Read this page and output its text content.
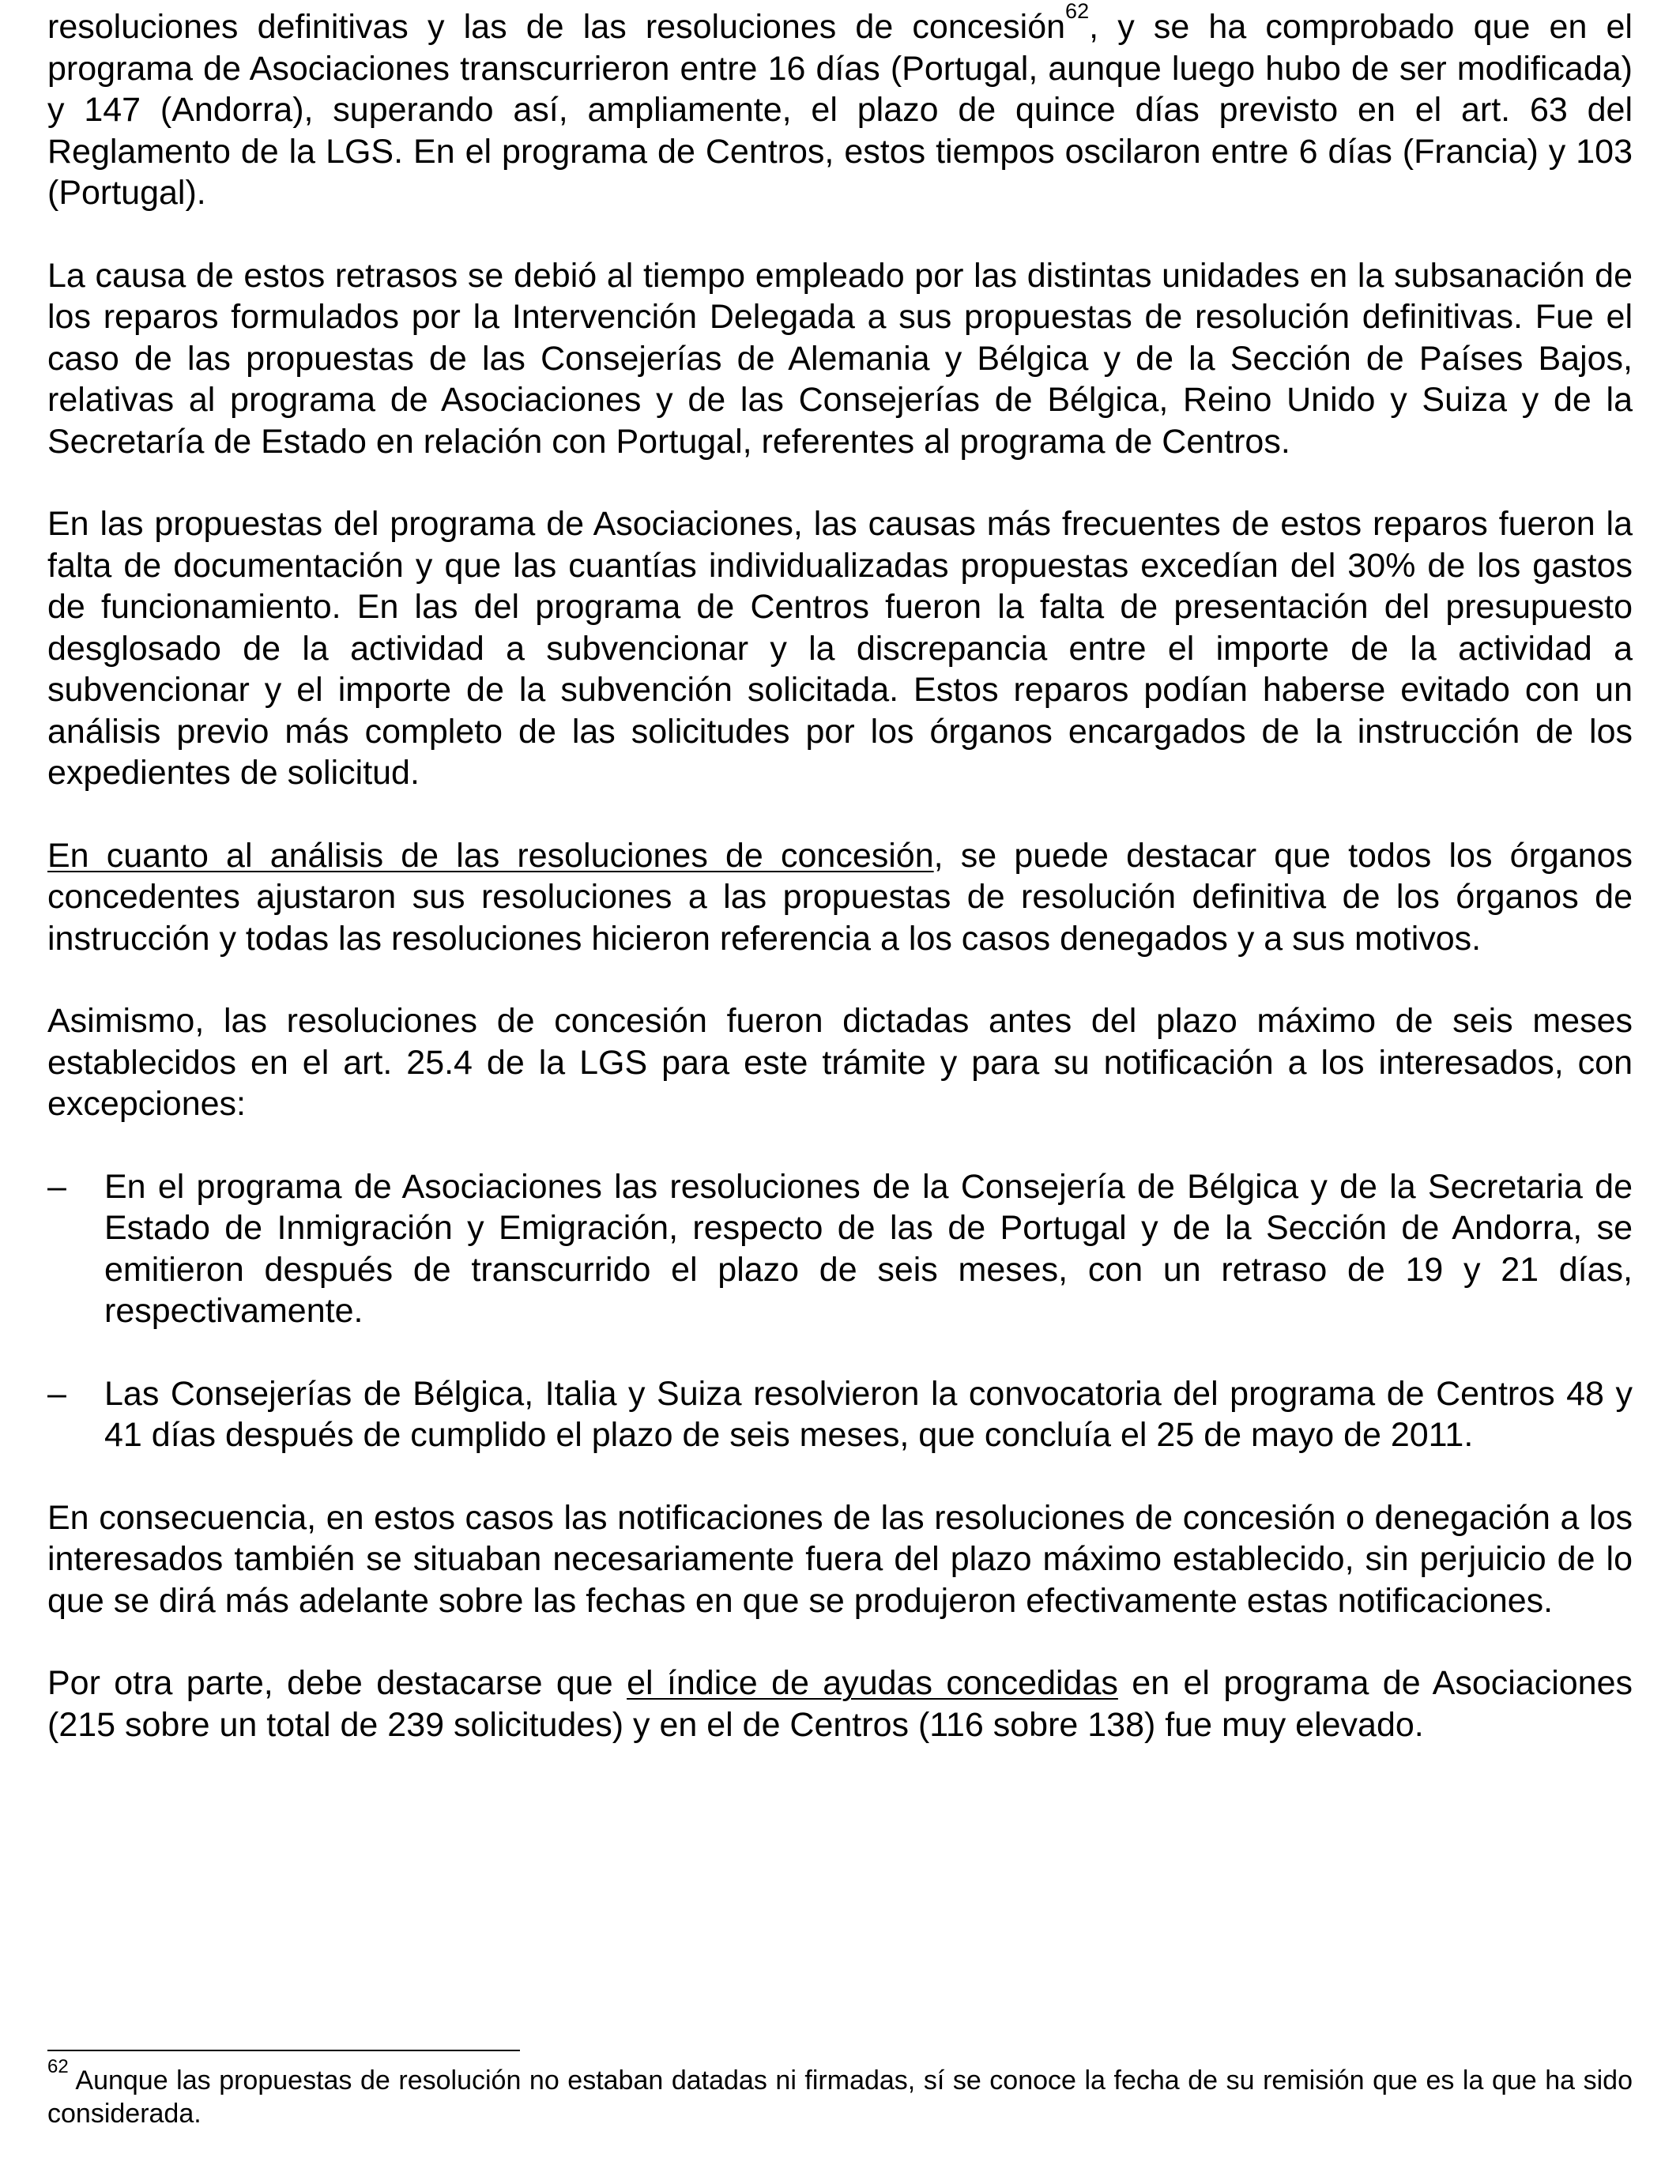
resoluciones definitivas y las de las resoluciones de concesión$^{62}$, y se ha comprobado que en el programa de Asociaciones transcurrieron entre 16 días (Portugal, aunque luego hubo de ser modificada) y 147 (Andorra), superando así, ampliamente, el plazo de quince días previsto en el art. 63 del Reglamento de la LGS. En el programa de Centros, estos tiempos oscilaron entre 6 días (Francia) y 103 (Portugal).

La causa de estos retrasos se debió al tiempo empleado por las distintas unidades en la subsanación de los reparos formulados por la Intervención Delegada a sus propuestas de resolución definitivas. Fue el caso de las propuestas de las Consejerías de Alemania y Bélgica y de la Sección de Países Bajos, relativas al programa de Asociaciones y de las Consejerías de Bélgica, Reino Unido y Suiza y de la Secretaría de Estado en relación con Portugal, referentes al programa de Centros.

En las propuestas del programa de Asociaciones, las causas más frecuentes de estos reparos fueron la falta de documentación y que las cuantías individualizadas propuestas excedían del 30% de los gastos de funcionamiento. En las del programa de Centros fueron la falta de presentación del presupuesto desglosado de la actividad a subvencionar y la discrepancia entre el importe de la actividad a subvencionar y el importe de la subvención solicitada. Estos reparos podían haberse evitado con un análisis previo más completo de las solicitudes por los órganos encargados de la instrucción de los expedientes de solicitud.

En cuanto al análisis de las resoluciones de concesión, se puede destacar que todos los órganos concedentes ajustaron sus resoluciones a las propuestas de resolución definitiva de los órganos de instrucción y todas las resoluciones hicieron referencia a los casos denegados y a sus motivos.

Asimismo, las resoluciones de concesión fueron dictadas antes del plazo máximo de seis meses establecidos en el art. 25.4 de la LGS para este trámite y para su notificación a los interesados, con excepciones:

–	En el programa de Asociaciones las resoluciones de la Consejería de Bélgica y de la Secretaria de Estado de Inmigración y Emigración, respecto de las de Portugal y de la Sección de Andorra, se emitieron después de transcurrido el plazo de seis meses, con un retraso de 19 y 21 días, respectivamente.
–	Las Consejerías de Bélgica, Italia y Suiza resolvieron la convocatoria del programa de Centros 48 y 41 días después de cumplido el plazo de seis meses, que concluía el 25 de mayo de 2011.

En consecuencia, en estos casos las notificaciones de las resoluciones de concesión o denegación a los interesados también se situaban necesariamente fuera del plazo máximo establecido, sin perjuicio de lo que se dirá más adelante sobre las fechas en que se produjeron efectivamente estas notificaciones.

Por otra parte, debe destacarse que el índice de ayudas concedidas en el programa de Asociaciones (215 sobre un total de 239 solicitudes) y en el de Centros (116 sobre 138) fue muy elevado.

$^{62}$ Aunque las propuestas de resolución no estaban datadas ni firmadas, sí se conoce la fecha de su remisión que es la que ha sido considerada.
